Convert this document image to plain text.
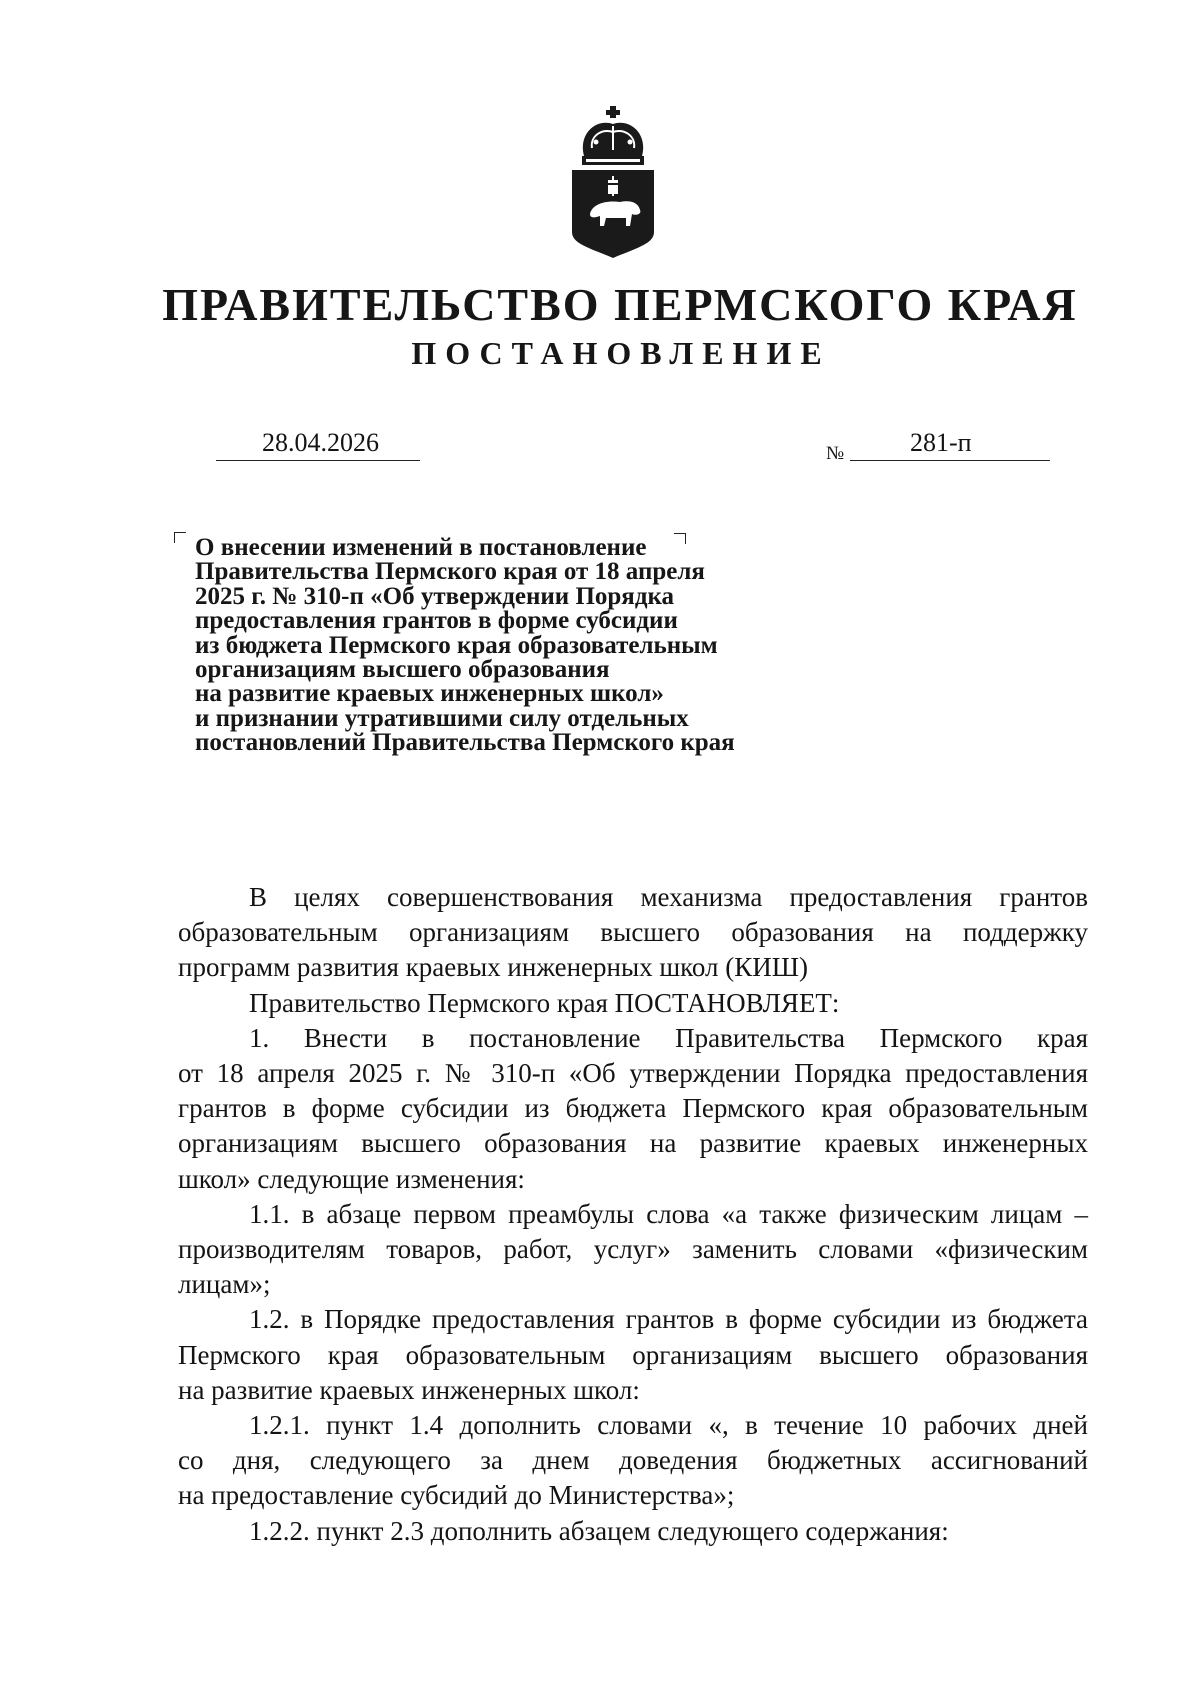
ПРАВИТЕЛЬСТВО ПЕРМСКОГО КРАЯ
ПОСТАНОВЛЕНИЕ
28.04.2026	№	281-п
О внесении изменений в постановление
Правительства Пермского края от 18 апреля
2025 г. № 310-п «Об утверждении Порядка
предоставления грантов в форме субсидии
из бюджета Пермского края образовательным
организациям высшего образования
на развитие краевых инженерных школ»
и признании утратившими силу отдельных
постановлений Правительства Пермского края

В целях совершенствования механизма предоставления грантов

образовательным организациям высшего образования на поддержку

программ развития краевых инженерных школ (КИШ)

Правительство Пермского края ПОСТАНОВЛЯЕТ:

1. Внести в постановление Правительства Пермского края

от 18 апреля 2025 г. № 310-п «Об утверждении Порядка предоставления

грантов в форме субсидии из бюджета Пермского края образовательным

организациям высшего образования на развитие краевых инженерных

школ» следующие изменения:

1.1. в абзаце первом преамбулы слова «а также физическим лицам –

производителям товаров, работ, услуг» заменить словами «физическим

лицам»;

1.2. в Порядке предоставления грантов в форме субсидии из бюджета

Пермского края образовательным организациям высшего образования

на развитие краевых инженерных школ:

1.2.1. пункт 1.4 дополнить словами «, в течение 10 рабочих дней

со дня, следующего за днем доведения бюджетных ассигнований

на предоставление субсидий до Министерства»;

1.2.2. пункт 2.3 дополнить абзацем следующего содержания:
